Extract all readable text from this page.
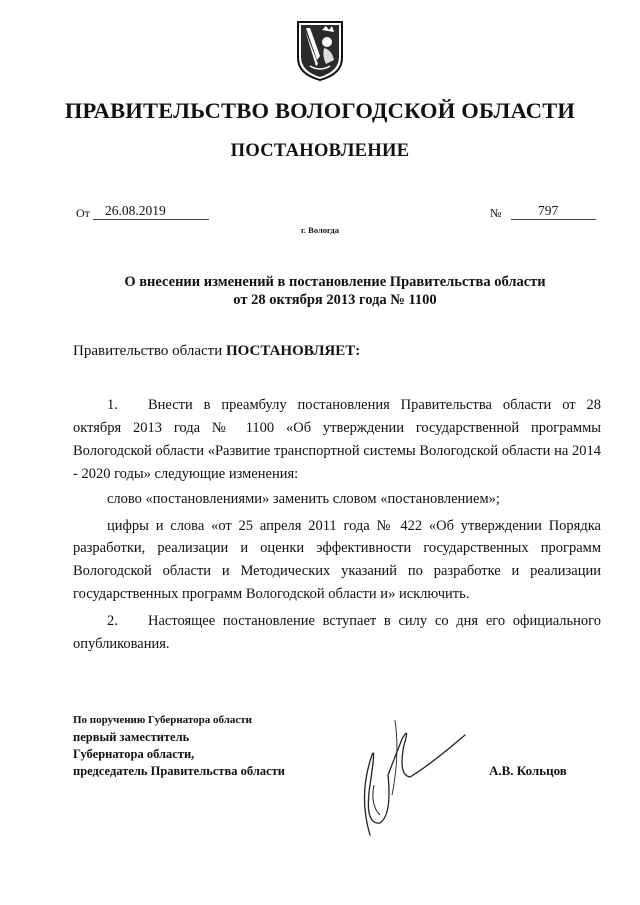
ПРАВИТЕЛЬСТВО ВОЛОГОДСКОЙ ОБЛАСТИ
ПОСТАНОВЛЕНИЕ
От	26.08.2019	№	797
г. Вологда
О внесении изменений в постановление Правительства области
от 28 октября 2013 года № 1100
Правительство области ПОСТАНОВЛЯЕТ:

1. Внести в преамбулу постановления Правительства области от 28 октября 2013 года № 1100 «Об утверждении государственной программы Вологодской области «Развитие транспортной системы Вологодской области на 2014 - 2020 годы» следующие изменения:

слово «постановлениями» заменить словом «постановлением»;

цифры и слова «от 25 апреля 2011 года № 422 «Об утверждении Порядка разработки, реализации и оценки эффективности государственных программ Вологодской области и Методических указаний по разработке и реализации государственных программ Вологодской области и» исключить.

2. Настоящее постановление вступает в силу со дня его официального опубликования.

По поручению Губернатора области
первый заместитель
Губернатора области,
председатель Правительства области	А.В. Кольцов
